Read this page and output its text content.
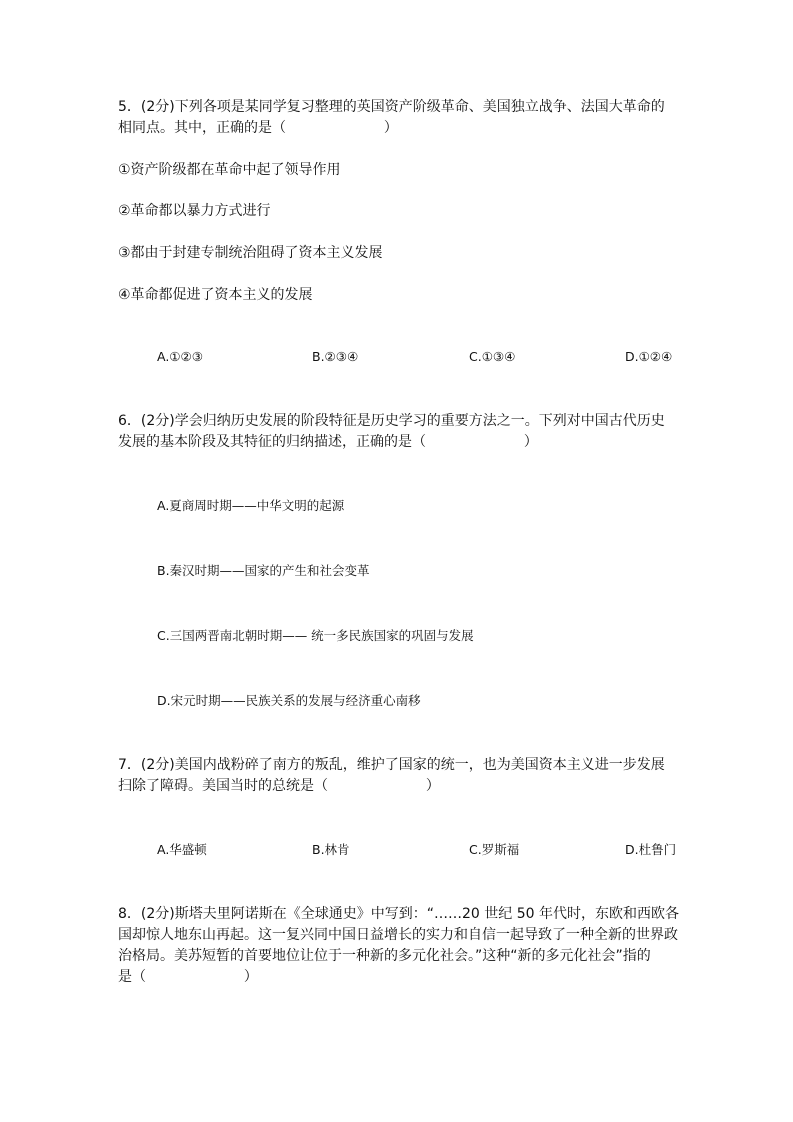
5．(2分)下列各项是某同学复习整理的英国资产阶级革命、美国独立战争、法国大革命的
相同点。其中，正确的是（                      ）
①资产阶级都在革命中起了领导作用
②革命都以暴力方式进行
③都由于封建专制统治阻碍了资本主义发展
④革命都促进了资本主义的发展
A.①②③	B.②③④	C.①③④	D.①②④
6．(2分)学会归纳历史发展的阶段特征是历史学习的重要方法之一。下列对中国古代历史
发展的基本阶段及其特征的归纳描述，正确的是（                      ）
A.夏商周时期——中华文明的起源
B.秦汉时期——国家的产生和社会变革
C.三国两晋南北朝时期—— 统一多民族国家的巩固与发展
D.宋元时期——民族关系的发展与经济重心南移
7．(2分)美国内战粉碎了南方的叛乱，维护了国家的统一，也为美国资本主义进一步发展
扫除了障碍。美国当时的总统是（                      ）
A.华盛顿	B.林肯	C.罗斯福	D.杜鲁门
8．(2分)斯塔夫里阿诺斯在《全球通史》中写到：“……20 世纪 50 年代时，东欧和西欧各
国却惊人地东山再起。这一复兴同中国日益增长的实力和自信一起导致了一种全新的世界政
治格局。美苏短暂的首要地位让位于一种新的多元化社会。”这种“新的多元化社会”指的
是（                      ）
